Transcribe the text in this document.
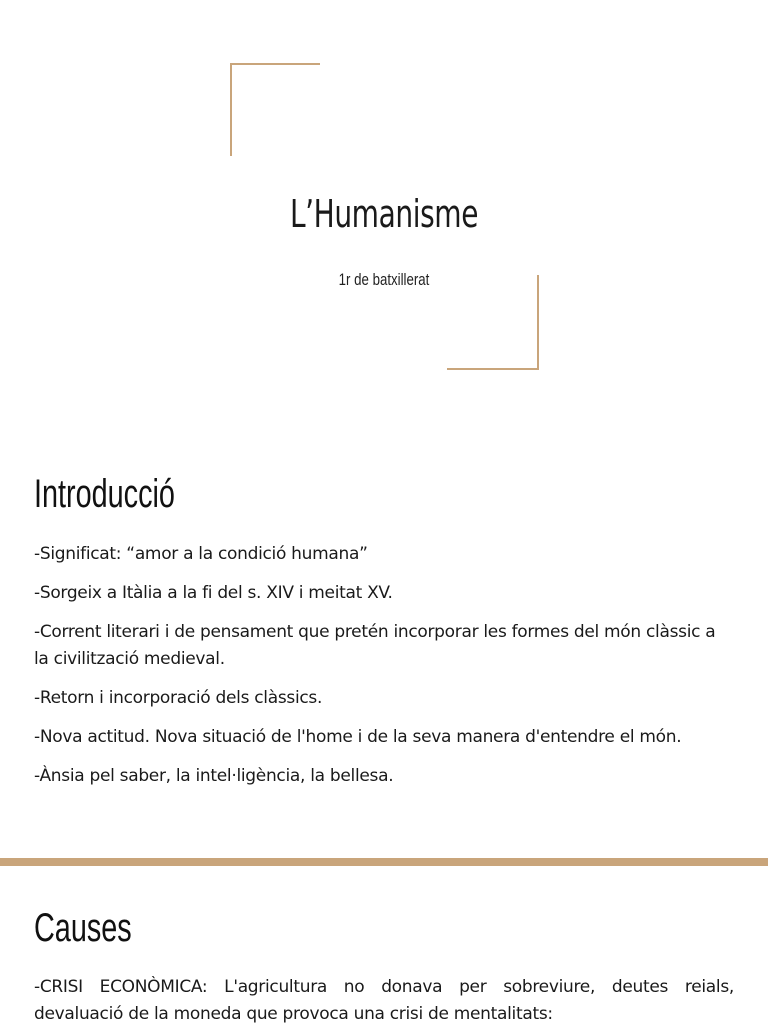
L’Humanisme
1r de batxillerat
Introducció

-Significat: “amor a la condició humana”

-Sorgeix a Itàlia a la fi del s. XIV i meitat XV.

-Corrent literari i de pensament que pretén incorporar les formes del món clàssic a la civilització medieval.

-Retorn i incorporació dels clàssics.

-Nova actitud. Nova situació de l'home i de la seva manera d'entendre el món.

-Ànsia pel saber, la intel·ligència, la bellesa.

Causes
-CRISI ECONÒMICA: L'agricultura no donava per sobreviure, deutes reials, devaluació de la moneda que provoca una crisi de mentalitats:
